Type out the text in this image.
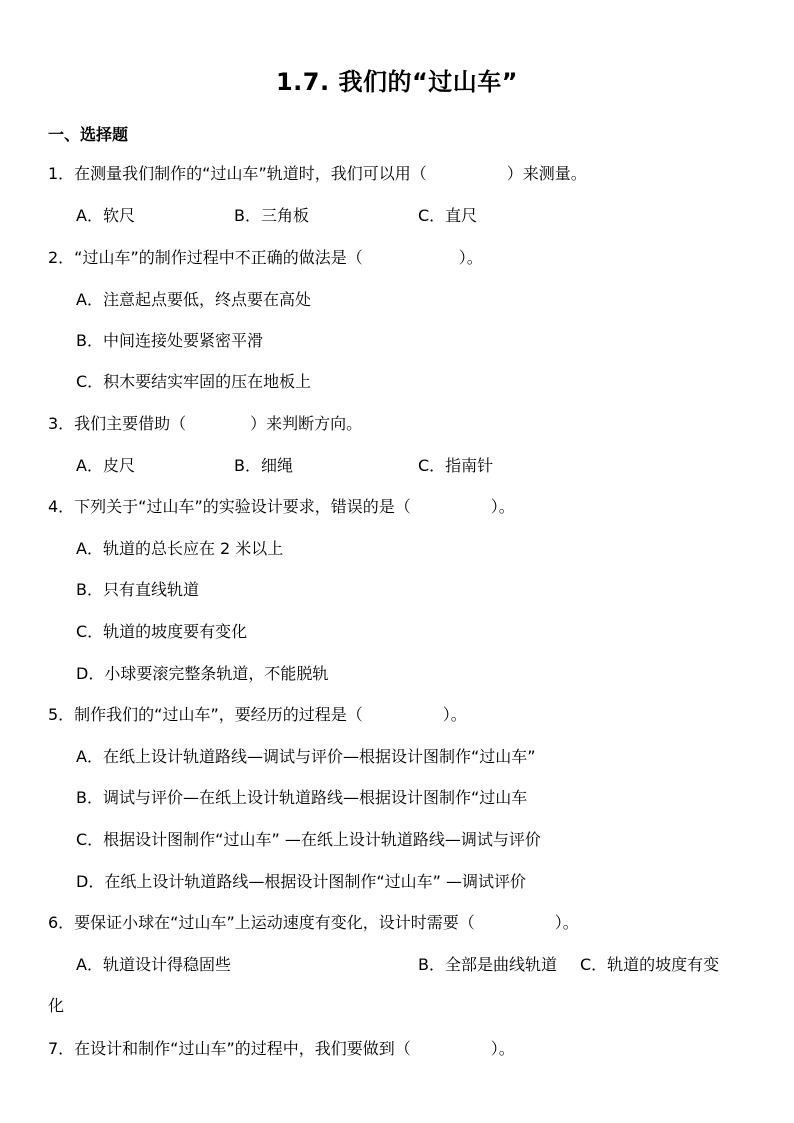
1.7. 我们的“过山车”
一、选择题
1．在测量我们制作的“过山车”轨道时，我们可以用（　　　　　）来测量。
A．软尺	B．三角板	C．直尺
2．“过山车”的制作过程中不正确的做法是（　　　　　　）。
A．注意起点要低，终点要在高处
B．中间连接处要紧密平滑
C．积木要结实牢固的压在地板上
3．我们主要借助（　　　　）来判断方向。
A．皮尺	B．细绳	C．指南针
4．下列关于“过山车”的实验设计要求，错误的是（　　　　　）。
A．轨道的总长应在 2 米以上
B．只有直线轨道
C．轨道的坡度要有变化
D．小球要滚完整条轨道，不能脱轨
5．制作我们的“过山车”，要经历的过程是（　　　　　）。
A．在纸上设计轨道路线—调试与评价—根据设计图制作“过山车”
B．调试与评价—在纸上设计轨道路线—根据设计图制作“过山车
C．根据设计图制作“过山车” —在纸上设计轨道路线—调试与评价
D．在纸上设计轨道路线—根据设计图制作“过山车” —调试评价
6．要保证小球在“过山车”上运动速度有变化，设计时需要（　　　　　）。
A．轨道设计得稳固些	B．全部是曲线轨道 C．轨道的坡度有变
化
7．在设计和制作“过山车”的过程中，我们要做到（　　　　　）。
